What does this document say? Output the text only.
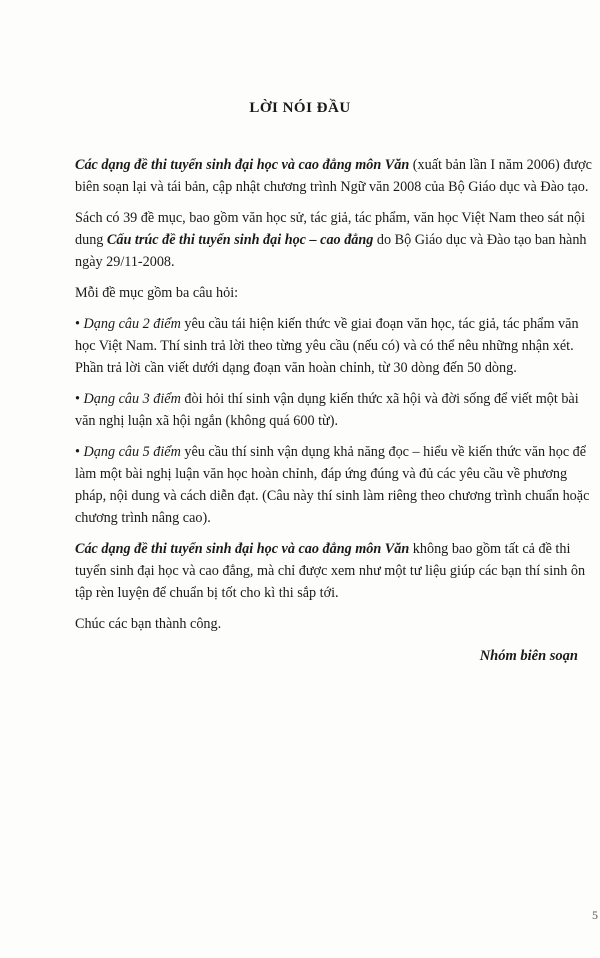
LỜI NÓI ĐẦU

Các dạng đề thi tuyển sinh đại học và cao đẳng môn Văn (xuất bản lần I năm 2006) được biên soạn lại và tái bản, cập nhật chương trình Ngữ văn 2008 của Bộ Giáo dục và Đào tạo.

Sách có 39 đề mục, bao gồm văn học sử, tác giả, tác phẩm, văn học Việt Nam theo sát nội dung Cấu trúc đề thi tuyển sinh đại học – cao đẳng do Bộ Giáo dục và Đào tạo ban hành ngày 29/11-2008.

Mỗi đề mục gồm ba câu hỏi:

• Dạng câu 2 điểm yêu cầu tái hiện kiến thức về giai đoạn văn học, tác giả, tác phẩm văn học Việt Nam. Thí sinh trả lời theo từng yêu cầu (nếu có) và có thể nêu những nhận xét. Phần trả lời cần viết dưới dạng đoạn văn hoàn chỉnh, từ 30 dòng đến 50 dòng.

• Dạng câu 3 điểm đòi hỏi thí sinh vận dụng kiến thức xã hội và đời sống để viết một bài văn nghị luận xã hội ngắn (không quá 600 từ).

• Dạng câu 5 điểm yêu cầu thí sinh vận dụng khả năng đọc – hiểu về kiến thức văn học để làm một bài nghị luận văn học hoàn chỉnh, đáp ứng đúng và đủ các yêu cầu về phương pháp, nội dung và cách diễn đạt. (Câu này thí sinh làm riêng theo chương trình chuẩn hoặc chương trình nâng cao).

Các dạng đề thi tuyển sinh đại học và cao đẳng môn Văn không bao gồm tất cả đề thi tuyển sinh đại học và cao đẳng, mà chỉ được xem như một tư liệu giúp các bạn thí sinh ôn tập rèn luyện để chuẩn bị tốt cho kì thi sắp tới.

Chúc các bạn thành công.

Nhóm biên soạn
5
